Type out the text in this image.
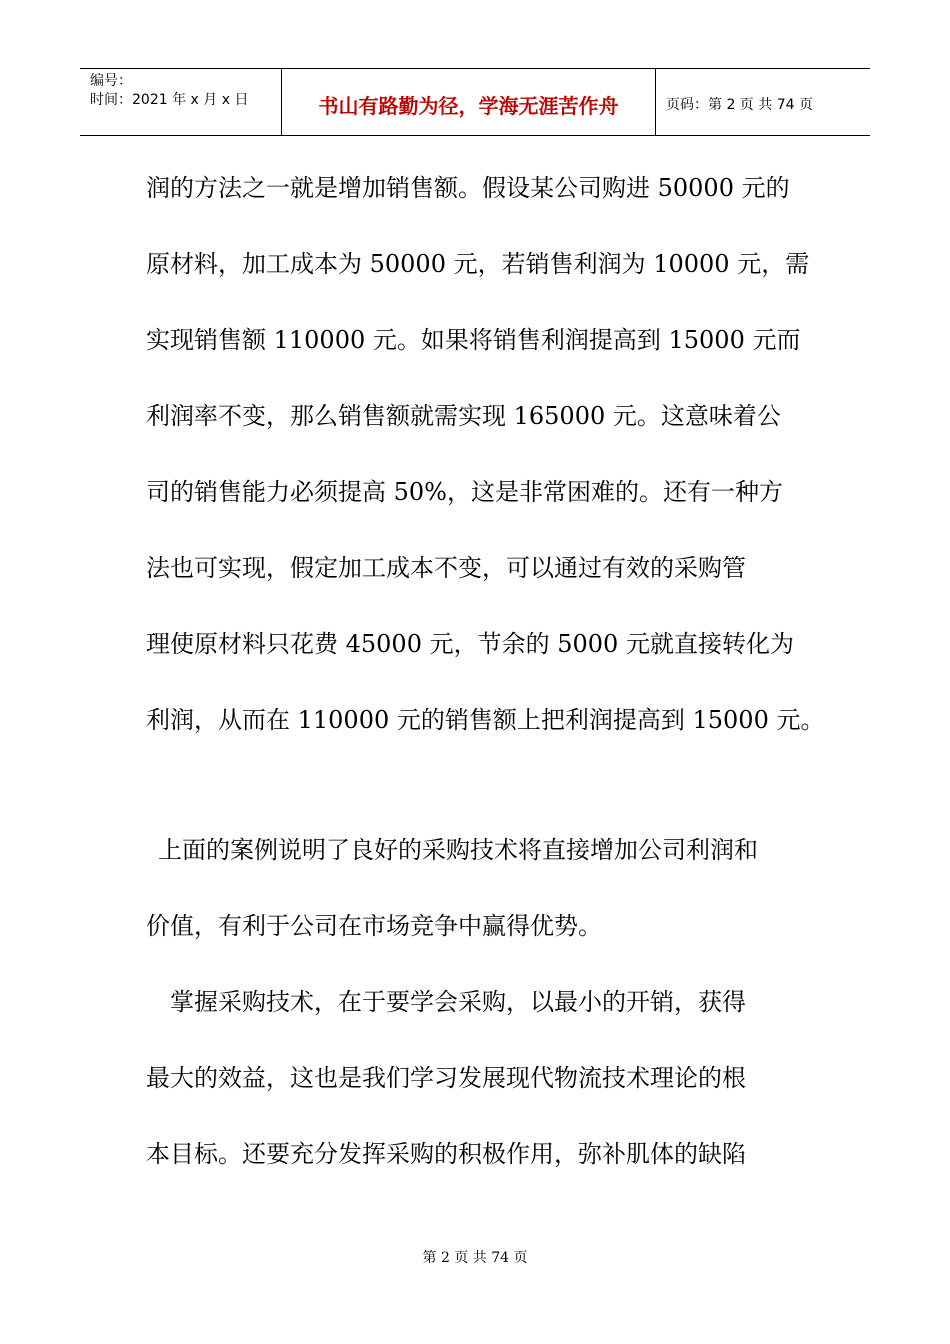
编号：
时间：2021 年 x 月 x 日	书山有路勤为径，学海无涯苦作舟	页码：第 2 页 共 74 页
润的方法之一就是增加销售额。假设某公司购进 50000 元的
原材料，加工成本为 50000 元，若销售利润为 10000 元，需
实现销售额 110000 元。如果将销售利润提高到 15000 元而
利润率不变，那么销售额就需实现 165000 元。这意味着公
司的销售能力必须提高 50%，这是非常困难的。还有一种方
法也可实现，假定加工成本不变，可以通过有效的采购管
理使原材料只花费 45000 元，节余的 5000 元就直接转化为
利润，从而在 110000 元的销售额上把利润提高到 15000 元。
上面的案例说明了良好的采购技术将直接增加公司利润和
价值，有利于公司在市场竞争中赢得优势。
掌握采购技术，在于要学会采购，以最小的开销，获得
最大的效益，这也是我们学习发展现代物流技术理论的根
本目标。还要充分发挥采购的积极作用，弥补肌体的缺陷
第 2 页 共 74 页
